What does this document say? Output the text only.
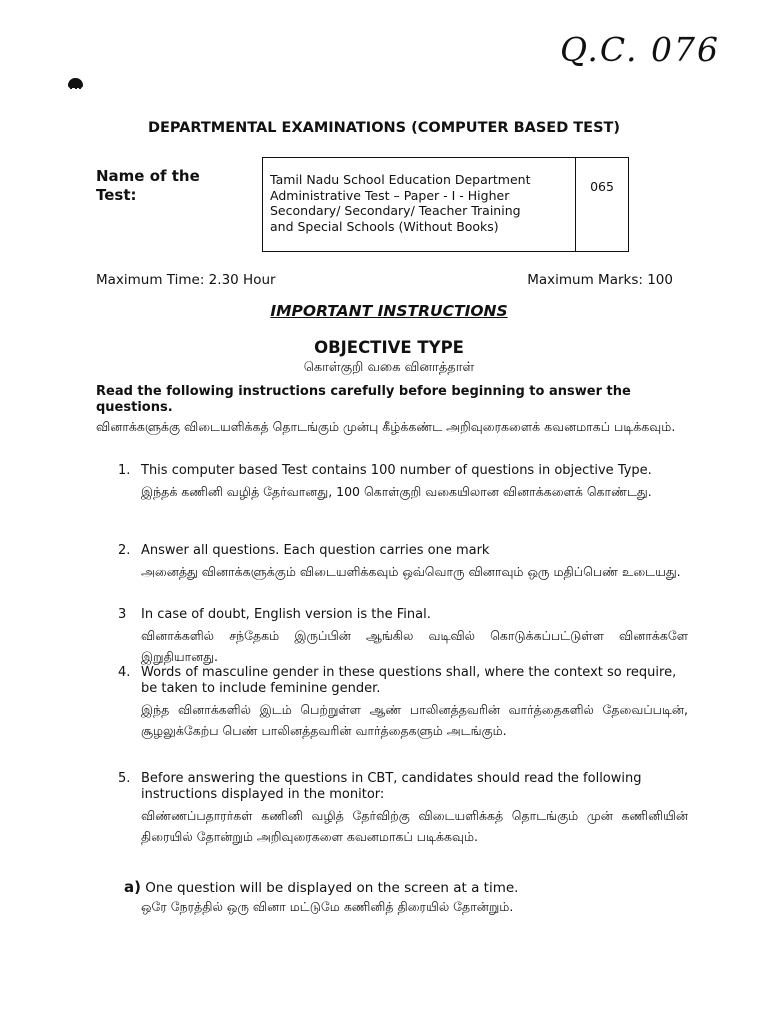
Q.C. 076
DEPARTMENTAL EXAMINATIONS (COMPUTER BASED TEST)
Name of the
Test:
Tamil Nadu School Education Department
Administrative Test – Paper - I - Higher
Secondary/ Secondary/ Teacher Training
and Special Schools (Without Books)
065
Maximum Time: 2.30 Hour	Maximum Marks: 100
IMPORTANT INSTRUCTIONS
OBJECTIVE TYPE
கொள்குறி வகை வினாத்தாள்
Read the following instructions carefully before beginning to answer the questions.
வினாக்களுக்கு விடையளிக்கத் தொடங்கும் முன்பு கீழ்க்கண்ட அறிவுரைகளைக் கவனமாகப் படிக்கவும்.
1. This computer based Test contains 100 number of questions in objective Type.
இந்தக் கணினி வழித் தேர்வானது, 100 கொள்குறி வகையிலான வினாக்களைக் கொண்டது.
2. Answer all questions. Each question carries one mark
அனைத்து வினாக்களுக்கும் விடையளிக்கவும் ஒவ்வொரு வினாவும் ஒரு மதிப்பெண் உடையது.
3 In case of doubt, English version is the Final.
வினாக்களில் சந்தேகம் இருப்பின் ஆங்கில வடிவில் கொடுக்கப்பட்டுள்ள வினாக்களே இறுதியானது.
4. Words of masculine gender in these questions shall, where the context so require, be taken to include feminine gender.
இந்த வினாக்களில் இடம் பெற்றுள்ள ஆண் பாலினத்தவரின் வார்த்தைகளில் தேவைப்படின், சூழலுக்கேற்ப பெண் பாலினத்தவரின் வார்த்தைகளும் அடங்கும்.
5. Before answering the questions in CBT, candidates should read the following instructions displayed in the monitor:
விண்ணப்பதாரர்கள் கணினி வழித் தேர்விற்கு விடையளிக்கத் தொடங்கும் முன் கணினியின் திரையில் தோன்றும் அறிவுரைகளை கவனமாகப் படிக்கவும்.
a) One question will be displayed on the screen at a time.
ஒரே நேரத்தில் ஒரு வினா மட்டுமே கணினித் திரையில் தோன்றும்.
